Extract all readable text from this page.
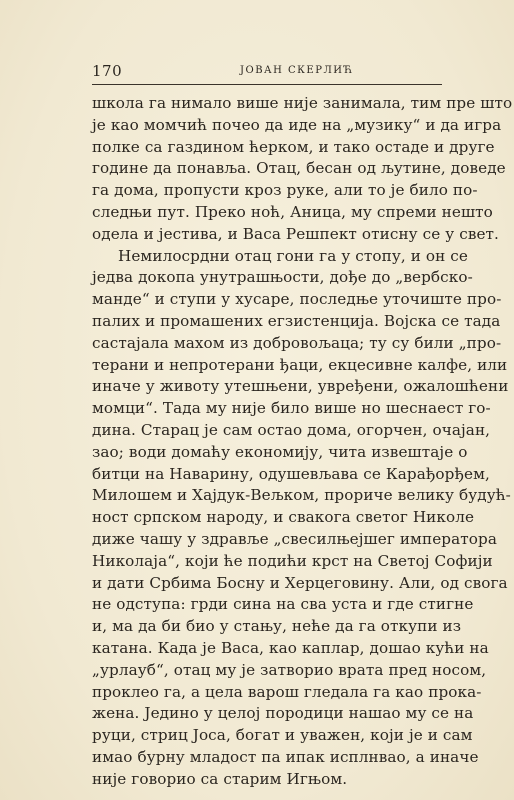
170	ЈОВАН СКЕРЛИЋ
школа га нимало више није занимала, тим пре што
је као момчић почео да иде на „музику“ и да игра
полке са газдином ћерком, и тако остаде и друге
године да понавља. Отац, бесан од љутине, доведе
га дома, пропусти кроз руке, али то је било по-
следњи пут. Преко ноћ, Аница, му спреми нешто
одела и јестива, и Васа Решпект отисну се у свет.
Немилосрдни отац гони га у стопу, и он се
једва докопа унутрашњости, дође до „вербско-
манде“ и ступи у хусаре, последње уточиште про-
палих и промашених егзистенција. Војска се тада
састајала махом из добровољаца; ту су били „про-
терани и непротерани ђаци, екцесивне калфе, или
иначе у животу утешњени, увређени, ожалошћени
момци“. Тада му није било више но шеснаест го-
дина. Старац је сам остао дома, огорчен, очајан,
зао; води домаћу економију, чита извештаје о
битци на Наварину, одушевљава се Карађорђем,
Милошем и Хајдук-Вељком, проричe велику будућ-
ност српском народу, и свакога светог Николе
диже чашу у здравље „свесилњејшег императора
Николаја“, који ће подићи крст на Светој Софији
и дати Србима Босну и Херцеговину. Али, од свога
не одступа: грди сина на сва уста и где стигне
и, ма да би био у стању, неће да га откупи из
катана. Када је Васа, као каплар, дошао кући на
„урлауб“, отац му је затворио врата пред носом,
проклео га, а цела варош гледала га као прока-
жена. Једино у целој породици нашао му се на
руци, стриц Јоса, богат и уважен, који је и сам
имао бурну младост па ипак исплнвао, а иначе
није говорио са старим Игњом.
